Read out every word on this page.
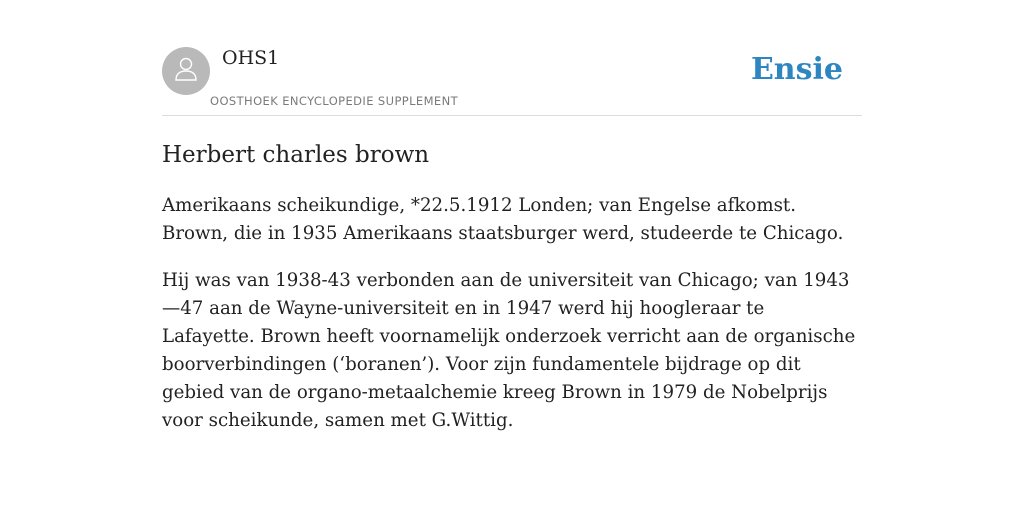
OHS1
OOSTHOEK ENCYCLOPEDIE SUPPLEMENT
Ensie
Herbert charles brown

Amerikaans scheikundige, *22.5.1912 Londen; van Engelse afkomst. Brown, die in 1935 Amerikaans staatsburger werd, studeerde te Chicago.

Hij was van 1938-43 verbonden aan de universiteit van Chicago; van 1943—47 aan de Wayne-universiteit en in 1947 werd hij hoogleraar te Lafayette. Brown heeft voornamelijk onderzoek verricht aan de organische boorverbindingen (‘boranen’). Voor zijn fundamentele bijdrage op dit gebied van de organo-metaalchemie kreeg Brown in 1979 de Nobelprijs voor scheikunde, samen met G.Wittig.
